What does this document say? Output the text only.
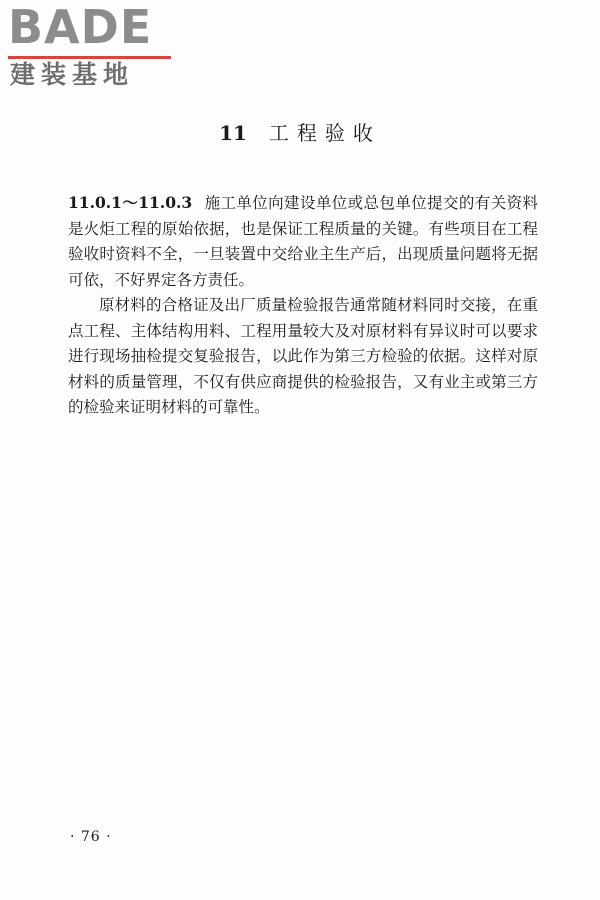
BADE
建装基地
11 工程验收

11.0.1～11.0.3 施工单位向建设单位或总包单位提交的有关资料是火炬工程的原始依据，也是保证工程质量的关键。有些项目在工程验收时资料不全，一旦装置中交给业主生产后，出现质量问题将无据可依，不好界定各方责任。

原材料的合格证及出厂质量检验报告通常随材料同时交接，在重点工程、主体结构用料、工程用量较大及对原材料有异议时可以要求进行现场抽检提交复验报告，以此作为第三方检验的依据。这样对原材料的质量管理，不仅有供应商提供的检验报告，又有业主或第三方的检验来证明材料的可靠性。

· 76 ·
